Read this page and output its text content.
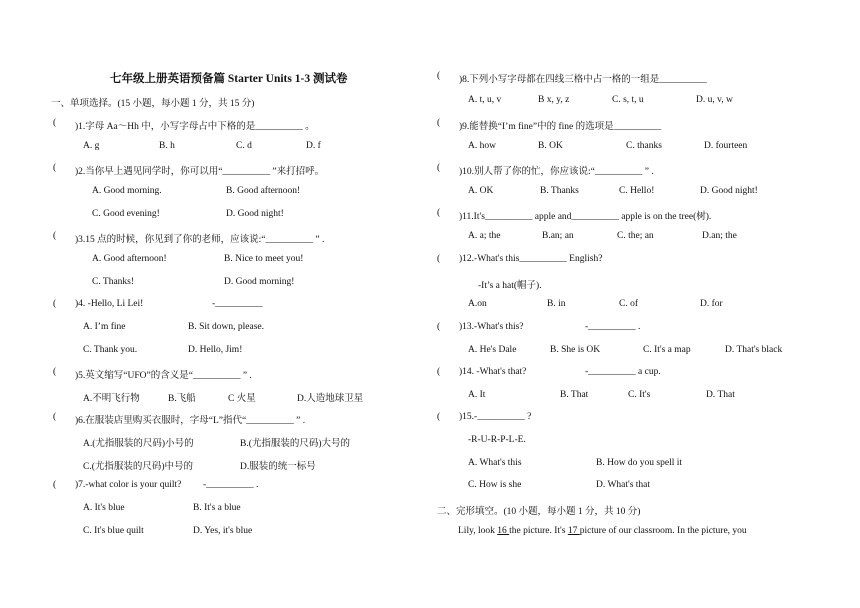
七年级上册英语预备篇 Starter Units 1-3 测试卷
一、单项选择。(15 小题，每小题 1 分，共 15 分)
( )1.字母 Aa～Hh 中，小写字母占中下格的是__________ 。
A. g	B. h	C. d	D. f
( )2.当你早上遇见同学时，你可以用“__________ ”来打招呼。
A. Good morning.	B. Good afternoon!
C. Good evening!	D. Good night!
( )3.15 点的时候，你见到了你的老师，应该说:“__________ ” .
A. Good afternoon!	B. Nice to meet you!
C. Thanks!	D. Good morning!
( )4. -Hello, Li Lei!	-__________
A. I’m fine	B. Sit down, please.
C. Thank you.	D. Hello, Jim!
( )5.英文缩写“UFO”的含义是“__________ ” .
A.不明飞行物	B.飞船	C 火星	D.人造地球卫星
( )6.在服装店里购买衣服时，字母“L”指代“__________ ” .
A.(尤指服装的尺码)小号的	B.(尤指服装的尺码)大号的
C.(尤指服装的尺码)中号的	D.服装的统一标号
( )7.-what color is your quilt? -__________ .
A. It's blue	B. It's a blue
C. It's blue quilt	D. Yes, it's blue
( )8.下列小写字母都在四线三格中占一格的一组是__________
A. t, u, v	B x, y, z	C. s, t, u	D. u, v, w
( )9.能替换“I’m fine”中的 fine 的选项是__________
A. how	B. OK	C. thanks	D. fourteen
( )10.别人帮了你的忙，你应该说:“__________ ” .
A. OK	B. Thanks	C. Hello!	D. Good night!
( )11.It's__________ apple and__________ apple is on the tree(树).
A. a; the	B.an; an	C. the; an	D.an; the
( )12.-What's this__________ English?
-It’s a hat(帽子).
A.on	B. in	C. of	D. for
( )13.-What's this?	-__________ .
A. He's Dale	B. She is OK	C. It's a map	D. That's black
( )14. -What's that?	-__________ a cup.
A. It	B. That	C. It's	D. That
( )15.-__________ ?
-R-U-R-P-L-E.
A. What's this	B. How do you spell it
C. How is she	D. What's that
二、完形填空。(10 小题，每小题 1 分，共 10 分)
Lily, look 16 the picture. It's 17 picture of our classroom. In the picture, you
